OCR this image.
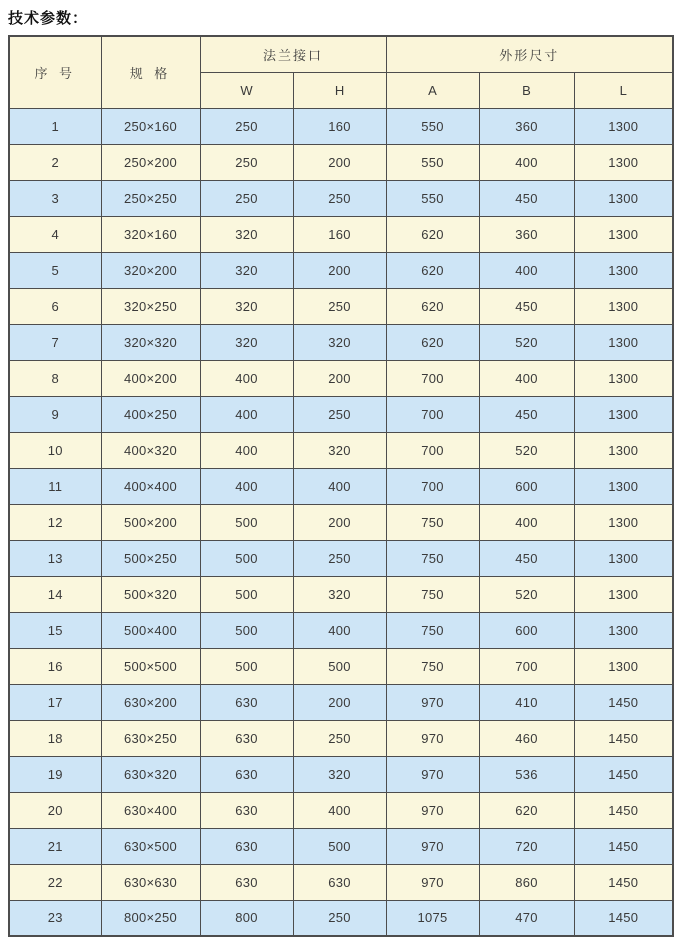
技术参数：
序 号	规 格	法兰接口		外形尺寸		
		W	H	A	B	L
1	250×160	250	160	550	360	1300
2	250×200	250	200	550	400	1300
3	250×250	250	250	550	450	1300
4	320×160	320	160	620	360	1300
5	320×200	320	200	620	400	1300
6	320×250	320	250	620	450	1300
7	320×320	320	320	620	520	1300
8	400×200	400	200	700	400	1300
9	400×250	400	250	700	450	1300
10	400×320	400	320	700	520	1300
11	400×400	400	400	700	600	1300
12	500×200	500	200	750	400	1300
13	500×250	500	250	750	450	1300
14	500×320	500	320	750	520	1300
15	500×400	500	400	750	600	1300
16	500×500	500	500	750	700	1300
17	630×200	630	200	970	410	1450
18	630×250	630	250	970	460	1450
19	630×320	630	320	970	536	1450
20	630×400	630	400	970	620	1450
21	630×500	630	500	970	720	1450
22	630×630	630	630	970	860	1450
23	800×250	800	250	1075	470	1450
